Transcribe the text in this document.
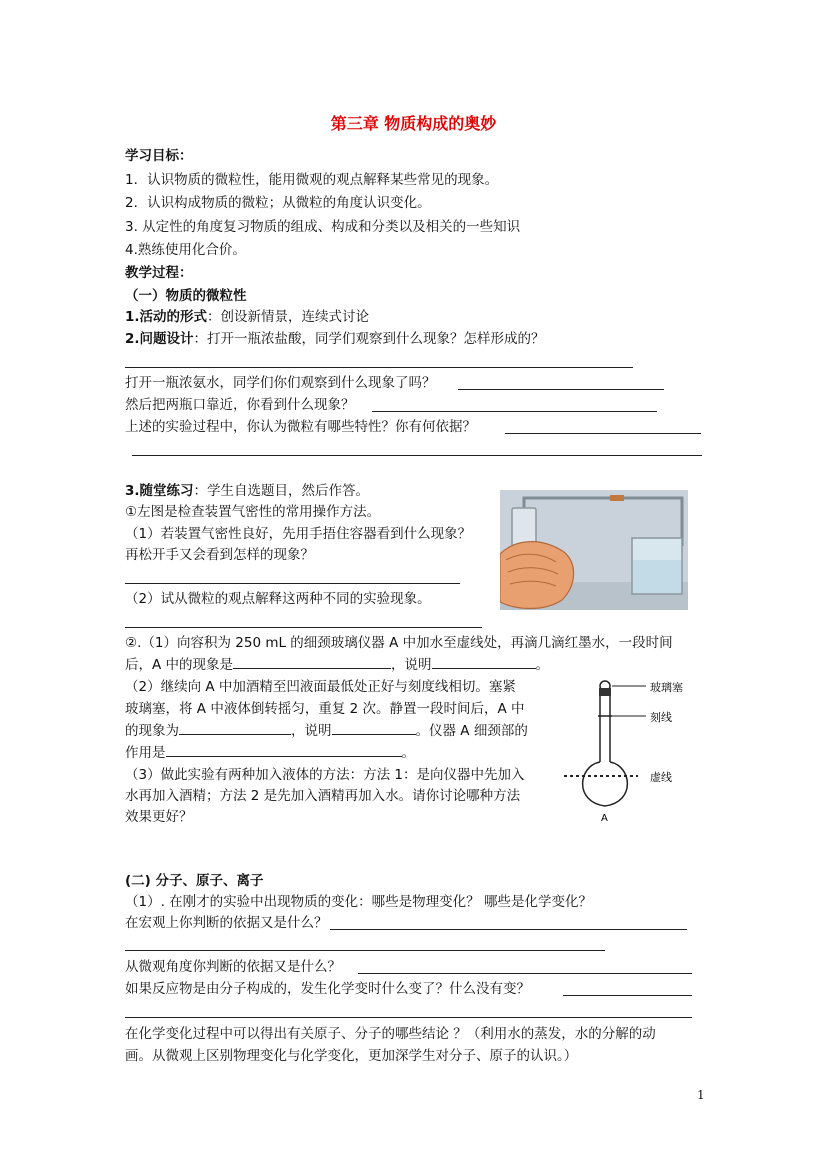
第三章 物质构成的奥妙
学习目标：
1．认识物质的微粒性，能用微观的观点解释某些常见的现象。
2．认识构成物质的微粒；从微粒的角度认识变化。
3. 从定性的角度复习物质的组成、构成和分类以及相关的一些知识
4.熟练使用化合价。
教学过程：
（一）物质的微粒性
1.活动的形式：创设新情景，连续式讨论
2.问题设计：打开一瓶浓盐酸，同学们观察到什么现象？怎样形成的？
打开一瓶浓氨水，同学们你们观察到什么现象了吗？
然后把两瓶口靠近，你看到什么现象？
上述的实验过程中，你认为微粒有哪些特性？你有何依据？
3.随堂练习：学生自选题目，然后作答。
①左图是检查装置气密性的常用操作方法。
（1）若装置气密性良好，先用手捂住容器看到什么现象？
再松开手又会看到怎样的现象？
（2）试从微粒的观点解释这两种不同的实验现象。
②.（1）向容积为 250 mL 的细颈玻璃仪器 A 中加水至虚线处，再滴几滴红墨水，一段时间
后，A 中的现象是	，说明	。
（2）继续向 A 中加酒精至凹液面最低处正好与刻度线相切。塞紧
玻璃塞，将 A 中液体倒转摇匀，重复 2 次。静置一段时间后，A 中
的现象为	，说明	。仪器 A 细颈部的
作用是	。
（3）做此实验有两种加入液体的方法：方法 1：是向仪器中先加入
水再加入酒精；方法 2 是先加入酒精再加入水。请你讨论哪种方法
效果更好？
玻璃塞
刻线
虚线
A
(二) 分子、原子、离子
（1）. 在刚才的实验中出现物质的变化：哪些是物理变化？ 哪些是化学变化？
在宏观上你判断的依据又是什么？
从微观角度你判断的依据又是什么？
如果反应物是由分子构成的，发生化学变时什么变了？什么没有变？
在化学变化过程中可以得出有关原子、分子的哪些结论 ？（利用水的蒸发，水的分解的动
画。从微观上区别物理变化与化学变化，更加深学生对分子、原子的认识。）
1
